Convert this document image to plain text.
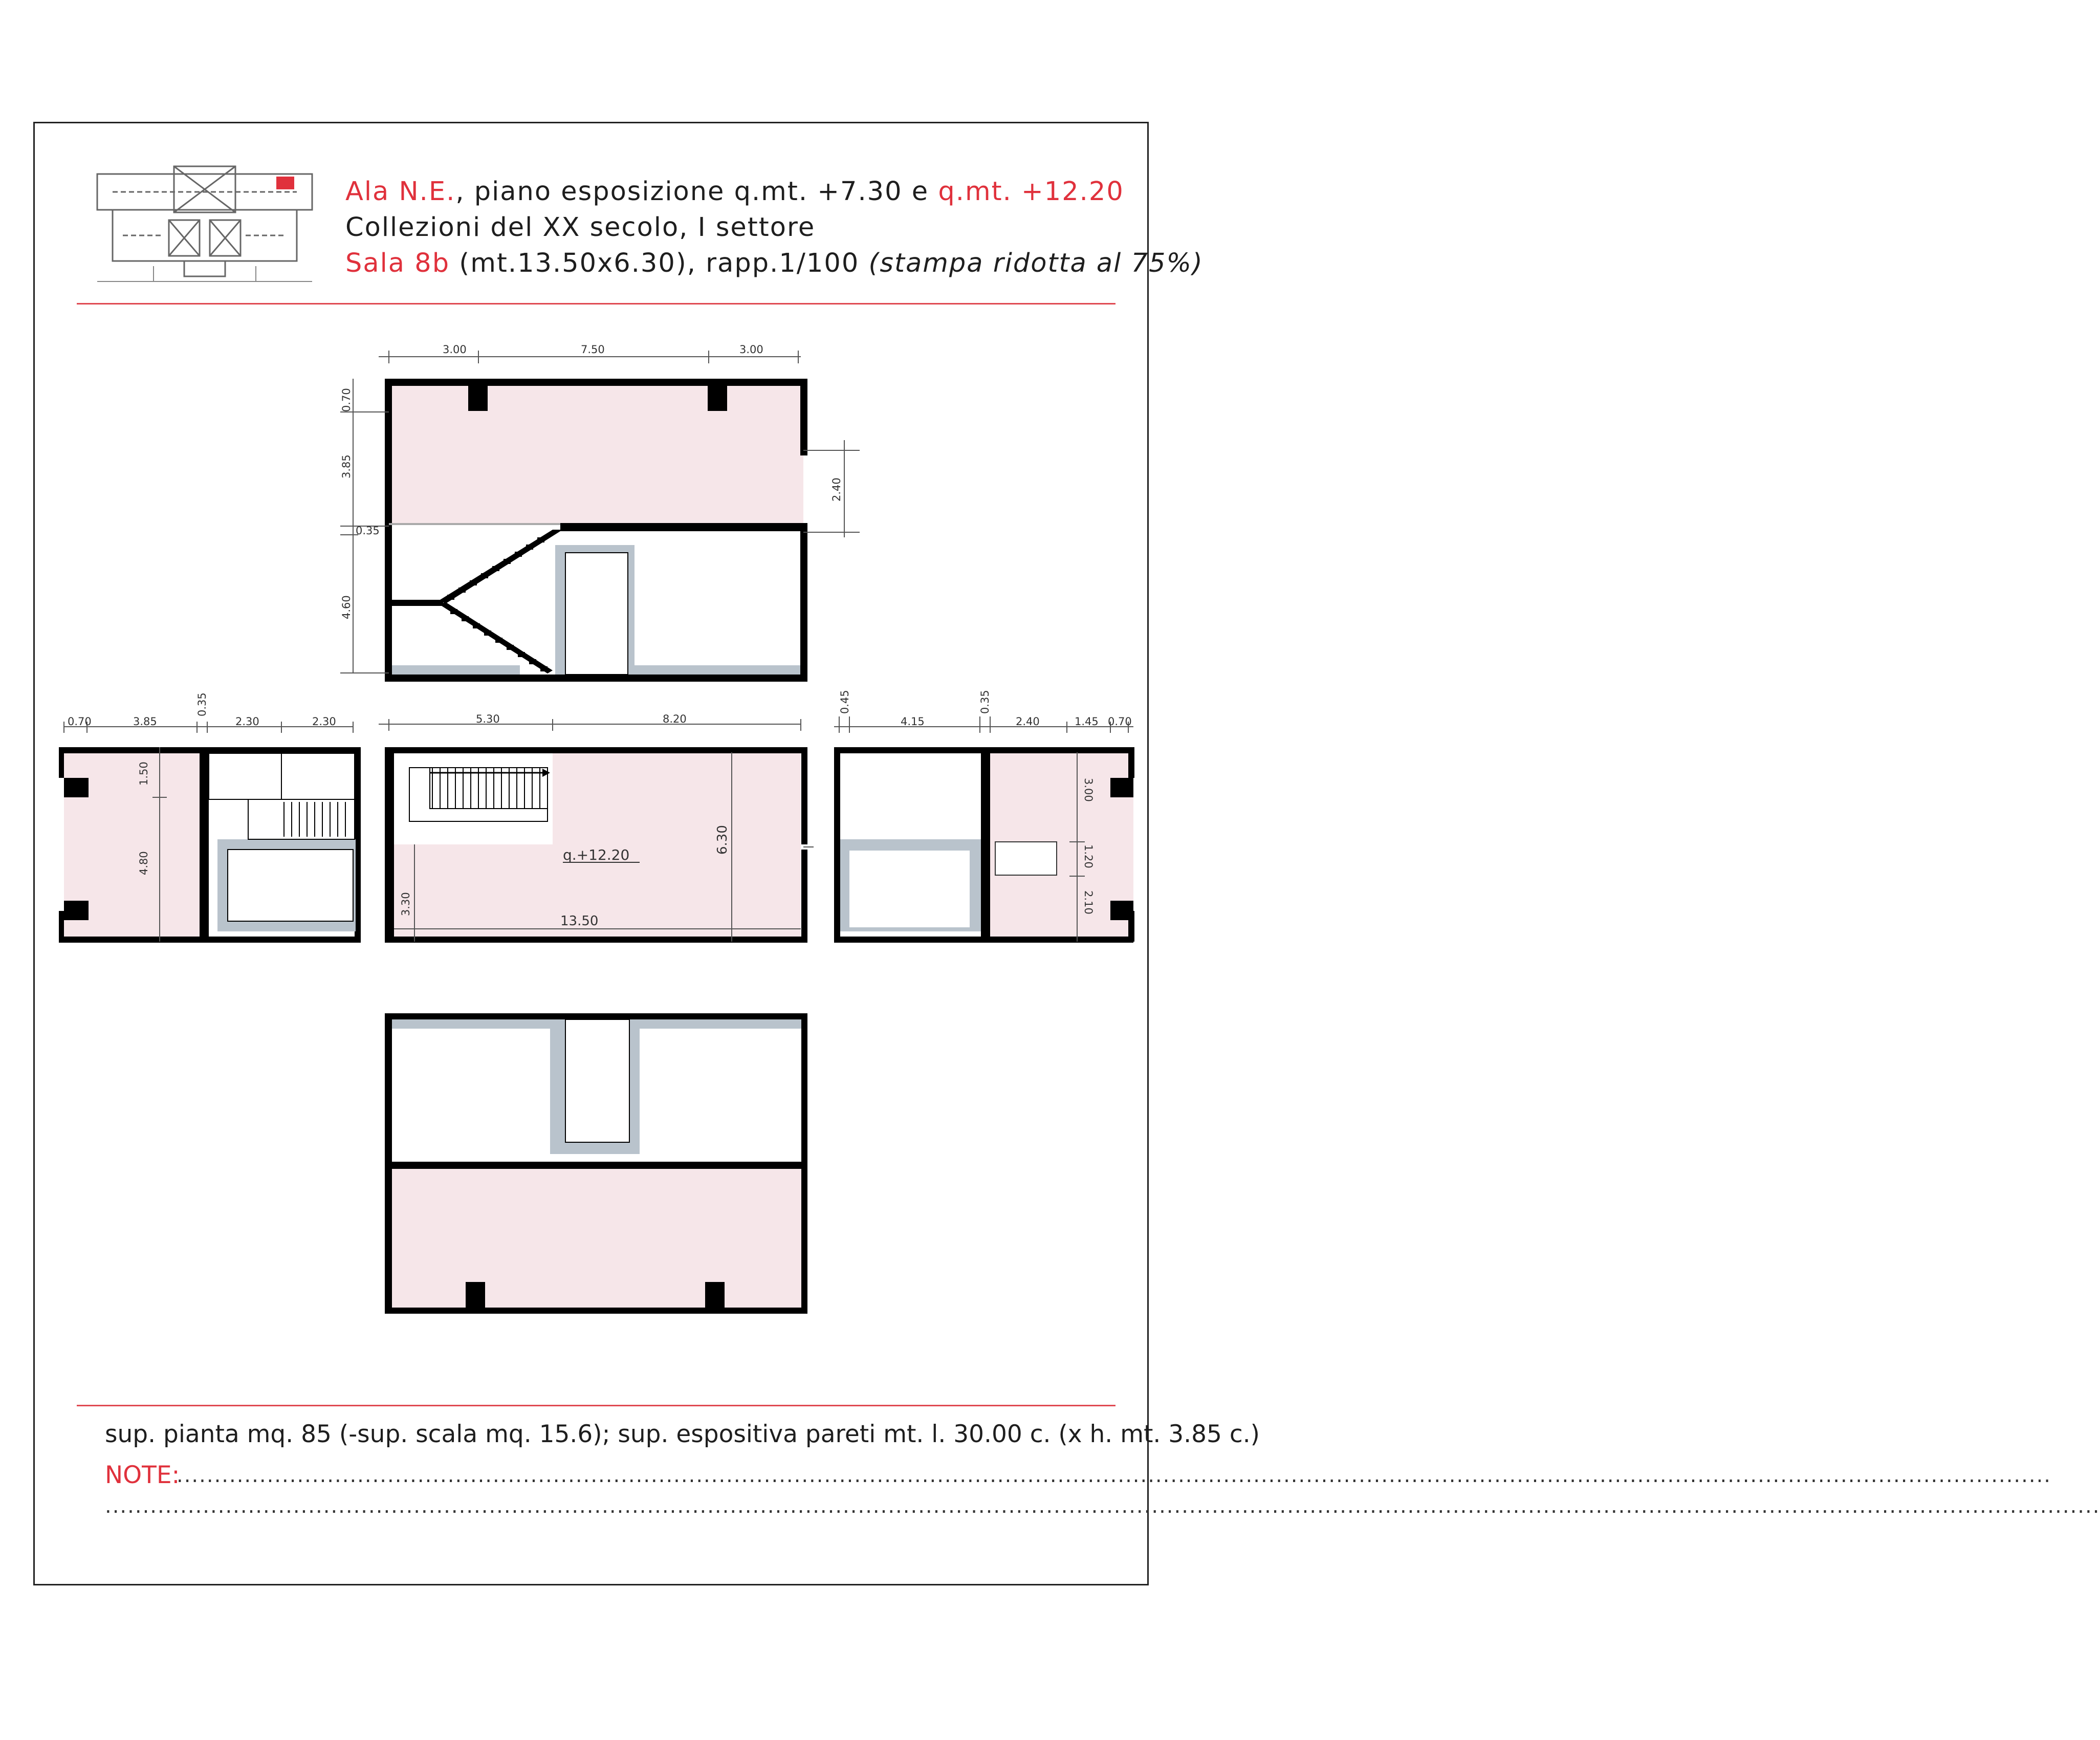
Ala N.E., piano esposizione q.mt. +7.30 e q.mt. +12.20
Collezioni del XX secolo, I settore
Sala 8b (mt.13.50x6.30), rapp.1/100 (stampa ridotta al 75%)
3.00	7.50	3.00
0.70
3.85
0.35
4.60
2.40
0.70	3.85
0.35
2.30	2.30
1.50
4.80
5.30	8.20
q.+12.20
6.30
13.50
3.30
0.45
4.15
0.35
2.40	1.45 0.70
3.00
1.20
2.10
sup. pianta mq. 85 (-sup. scala mq. 15.6); sup. espositiva pareti mt. l. 30.00 c. (x h. mt. 3.85 c.)
NOTE:
.........................................................................................................................................................................................................................................................
.........................................................................................................................................................................................................................................................................
